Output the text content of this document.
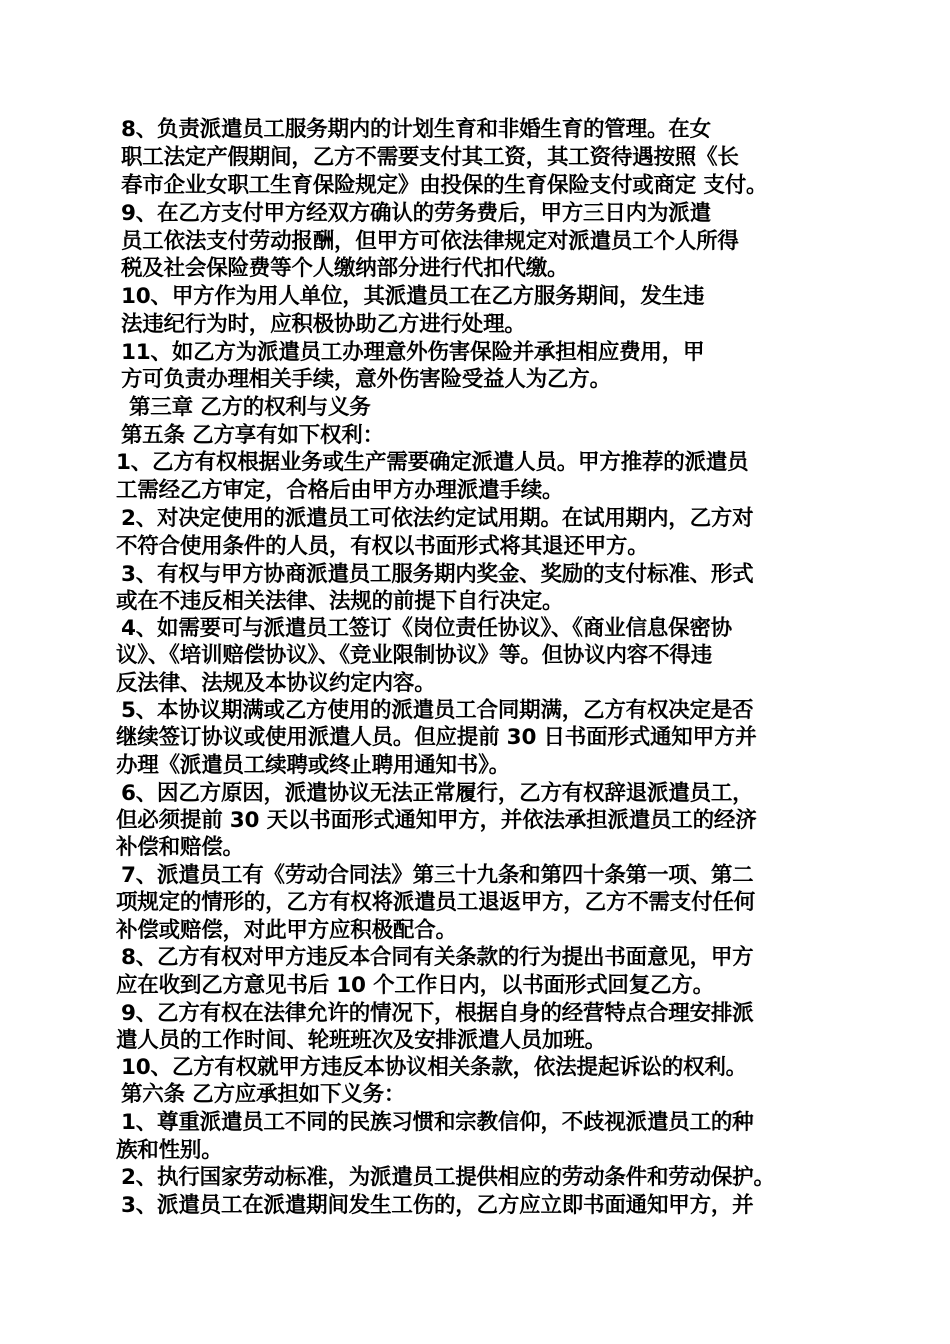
8、负责派遣员工服务期内的计划生育和非婚生育的管理。在女

职工法定产假期间，乙方不需要支付其工资，其工资待遇按照《长

春市企业女职工生育保险规定》由投保的生育保险支付或商定 支付。

9、在乙方支付甲方经双方确认的劳务费后，甲方三日内为派遣

员工依法支付劳动报酬，但甲方可依法律规定对派遣员工个人所得

税及社会保险费等个人缴纳部分进行代扣代缴。

10、甲方作为用人单位，其派遣员工在乙方服务期间，发生违

法违纪行为时，应积极协助乙方进行处理。

11、如乙方为派遣员工办理意外伤害保险并承担相应费用，甲

方可负责办理相关手续，意外伤害险受益人为乙方。

第三章 乙方的权利与义务

第五条 乙方享有如下权利：

1、乙方有权根据业务或生产需要确定派遣人员。甲方推荐的派遣员

工需经乙方审定，合格后由甲方办理派遣手续。

2、对决定使用的派遣员工可依法约定试用期。在试用期内，乙方对

不符合使用条件的人员，有权以书面形式将其退还甲方。

3、有权与甲方协商派遣员工服务期内奖金、奖励的支付标准、形式

或在不违反相关法律、法规的前提下自行决定。

4、如需要可与派遣员工签订《岗位责任协议》、《商业信息保密协

议》、《培训赔偿协议》、《竞业限制协议》等。但协议内容不得违

反法律、法规及本协议约定内容。

5、本协议期满或乙方使用的派遣员工合同期满，乙方有权决定是否

继续签订协议或使用派遣人员。但应提前 30 日书面形式通知甲方并

办理《派遣员工续聘或终止聘用通知书》。

6、因乙方原因，派遣协议无法正常履行，乙方有权辞退派遣员工，

但必须提前 30 天以书面形式通知甲方，并依法承担派遣员工的经济

补偿和赔偿。

7、派遣员工有《劳动合同法》第三十九条和第四十条第一项、第二

项规定的情形的，乙方有权将派遣员工退返甲方，乙方不需支付任何

补偿或赔偿，对此甲方应积极配合。

8、乙方有权对甲方违反本合同有关条款的行为提出书面意见，甲方

应在收到乙方意见书后 10 个工作日内，以书面形式回复乙方。

9、乙方有权在法律允许的情况下，根据自身的经营特点合理安排派

遣人员的工作时间、轮班班次及安排派遣人员加班。

10、乙方有权就甲方违反本协议相关条款，依法提起诉讼的权利。

第六条 乙方应承担如下义务：

1、尊重派遣员工不同的民族习惯和宗教信仰，不歧视派遣员工的种

族和性别。

2、执行国家劳动标准，为派遣员工提供相应的劳动条件和劳动保护。

3、派遣员工在派遣期间发生工伤的，乙方应立即书面通知甲方，并
